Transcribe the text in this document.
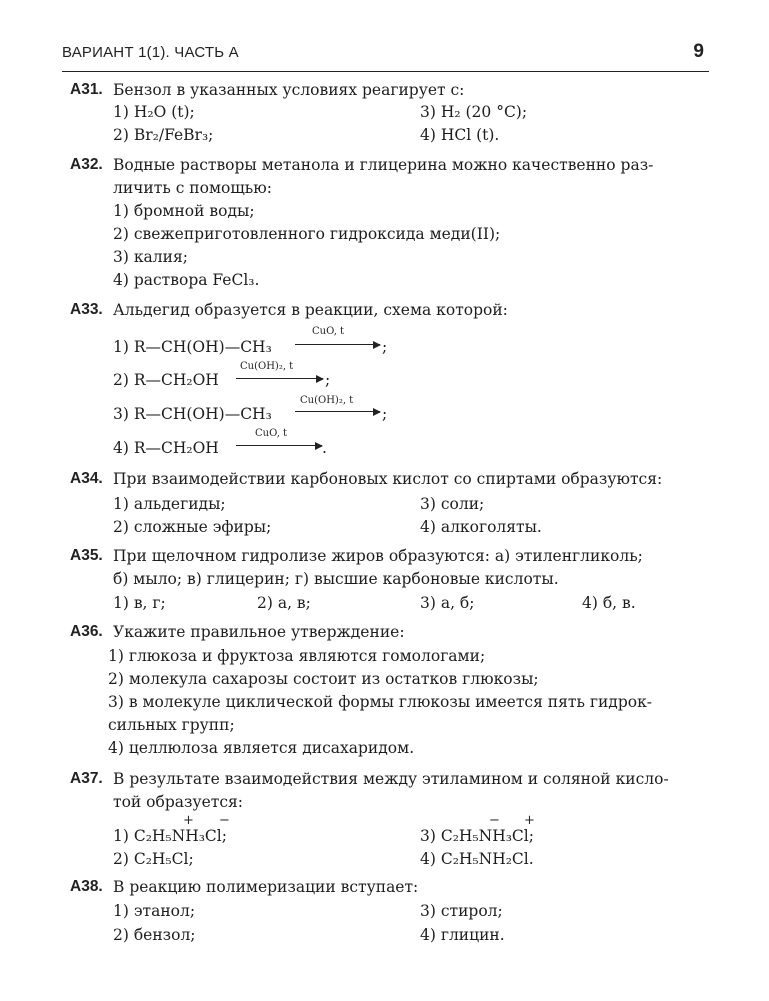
ВАРИАНТ 1(1). ЧАСТЬ А	9
А31. Бензол в указанных условиях реагирует с:
1) H₂O (t);	3) H₂ (20 °C);
2) Br₂/FeBr₃;	4) HCl (t).
А32. Водные растворы метанола и глицерина можно качественно раз-
личить с помощью:
1) бромной воды;
2) свежеприготовленного гидроксида меди(II);
3) калия;
4) раствора FeCl₃.
А33. Альдегид образуется в реакции, схема которой:
1) R—CH(OH)—CH₃
CuO, t
;
2) R—CH₂OH
Cu(OH)₂, t
;
3) R—CH(OH)—CH₃
Cu(OH)₂, t
;
4) R—CH₂OH
CuO, t
.
А34. При взаимодействии карбоновых кислот со спиртами образуются:
1) альдегиды;	3) соли;
2) сложные эфиры;	4) алкоголяты.
А35. При щелочном гидролизе жиров образуются: а) этиленгликоль;
б) мыло; в) глицерин; г) высшие карбоновые кислоты.
1) в, г;	2) а, в;	3) а, б;	4) б, в.
А36. Укажите правильное утверждение:
1) глюкоза и фруктоза являются гомологами;
2) молекула сахарозы состоит из остатков глюкозы;
3) в молекуле циклической формы глюкозы имеется пять гидрок-
сильных групп;
4) целлюлоза является дисахаридом.
А37. В результате взаимодействия между этиламином и соляной кисло-
той образуется:
+ −	− +
1) C₂H₅NH₃Cl;	3) C₂H₅NH₃Cl;
2) C₂H₅Cl;	4) C₂H₅NH₂Cl.
А38. В реакцию полимеризации вступает:
1) этанол;	3) стирол;
2) бензол;	4) глицин.
